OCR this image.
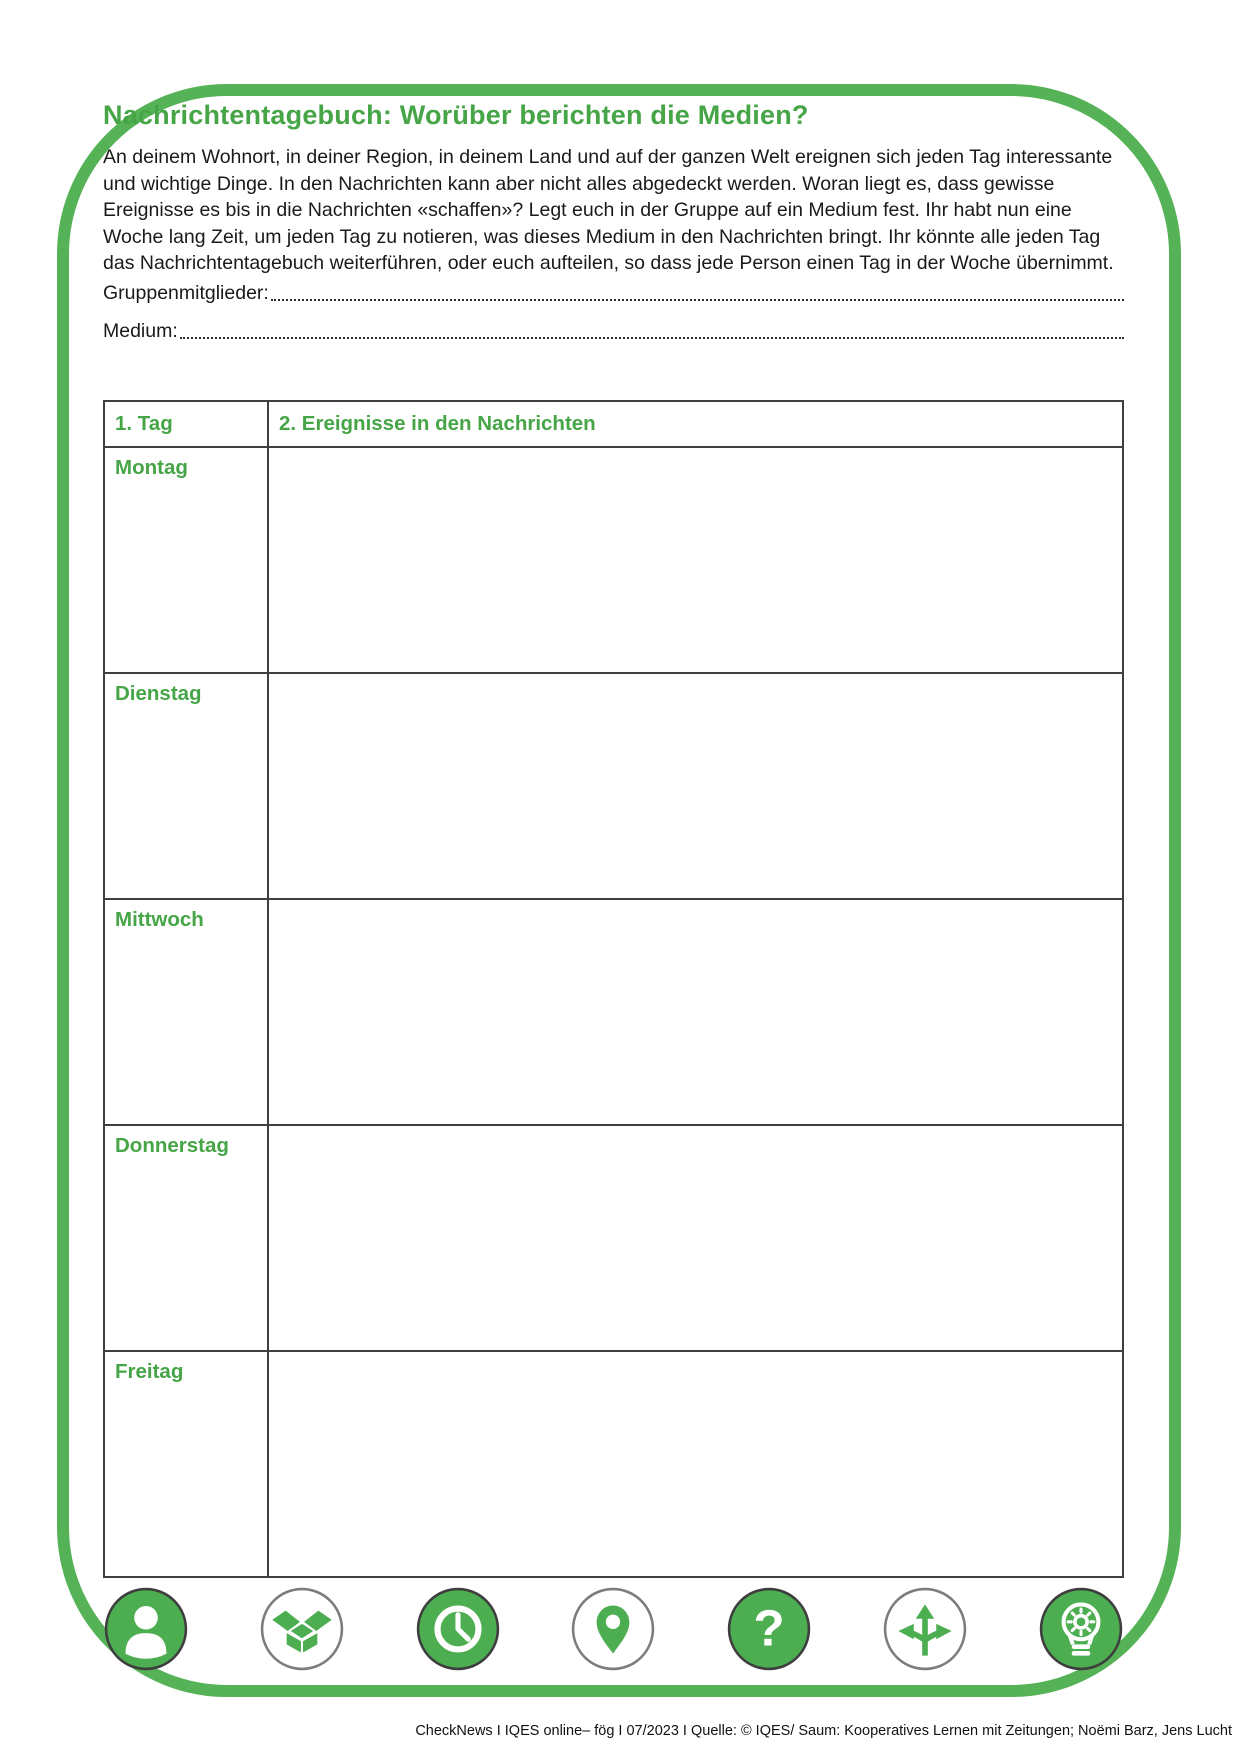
Nachrichtentagebuch: Worüber berichten die Medien?

An deinem Wohnort, in deiner Region, in deinem Land und auf der ganzen Welt ereignen sich jeden Tag interessante und wichtige Dinge. In den Nachrichten kann aber nicht alles abgedeckt werden. Woran liegt es, dass gewisse Ereignisse es bis in die Nachrichten «schaffen»? Legt euch in der Gruppe auf ein Medium fest. Ihr habt nun eine Woche lang Zeit, um jeden Tag zu notieren, was dieses Medium in den Nachrichten bringt. Ihr könnte alle jeden Tag das Nachrichtentagebuch weiterführen, oder euch aufteilen, so dass jede Person einen Tag in der Woche übernimmt.

Gruppenmitglieder:
Medium:
1. Tag	2. Ereignisse in den Nachrichten
Montag	
Dienstag	
Mittwoch	
Donnerstag	
Freitag	
?
CheckNews I IQES online– fög I 07/2023 I Quelle: © IQES/ Saum: Kooperatives Lernen mit Zeitungen; Noëmi Barz, Jens Lucht
